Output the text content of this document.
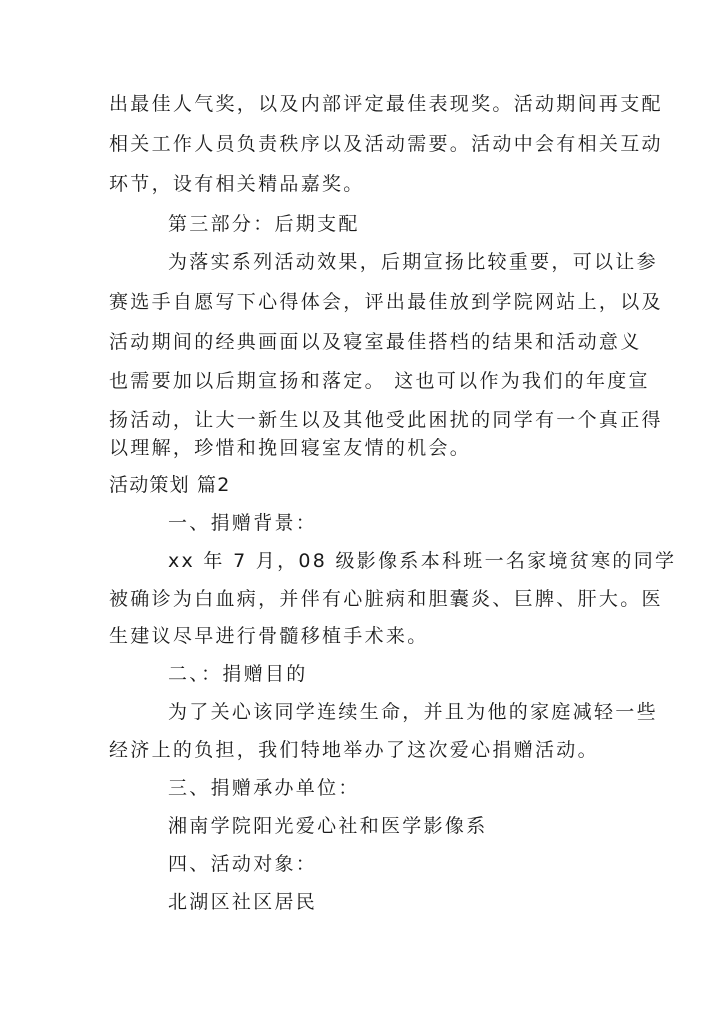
出最佳人气奖，以及内部评定最佳表现奖。活动期间再支配
相关工作人员负责秩序以及活动需要。活动中会有相关互动
环节，设有相关精品嘉奖。
第三部分：后期支配
为落实系列活动效果，后期宣扬比较重要，可以让参
赛选手自愿写下心得体会，评出最佳放到学院网站上，以及
活动期间的经典画面以及寝室最佳搭档的结果和活动意义
也需要加以后期宣扬和落定。 这也可以作为我们的年度宣
扬活动，让大一新生以及其他受此困扰的同学有一个真正得
以理解，珍惜和挽回寝室友情的机会。
活动策划 篇2
一、捐赠背景：
xx 年 7 月，08 级影像系本科班一名家境贫寒的同学
被确诊为白血病，并伴有心脏病和胆囊炎、巨脾、肝大。医
生建议尽早进行骨髓移植手术来。
二、：捐赠目的
为了关心该同学连续生命，并且为他的家庭减轻一些
经济上的负担，我们特地举办了这次爱心捐赠活动。
三、捐赠承办单位：
湘南学院阳光爱心社和医学影像系
四、活动对象：
北湖区社区居民
